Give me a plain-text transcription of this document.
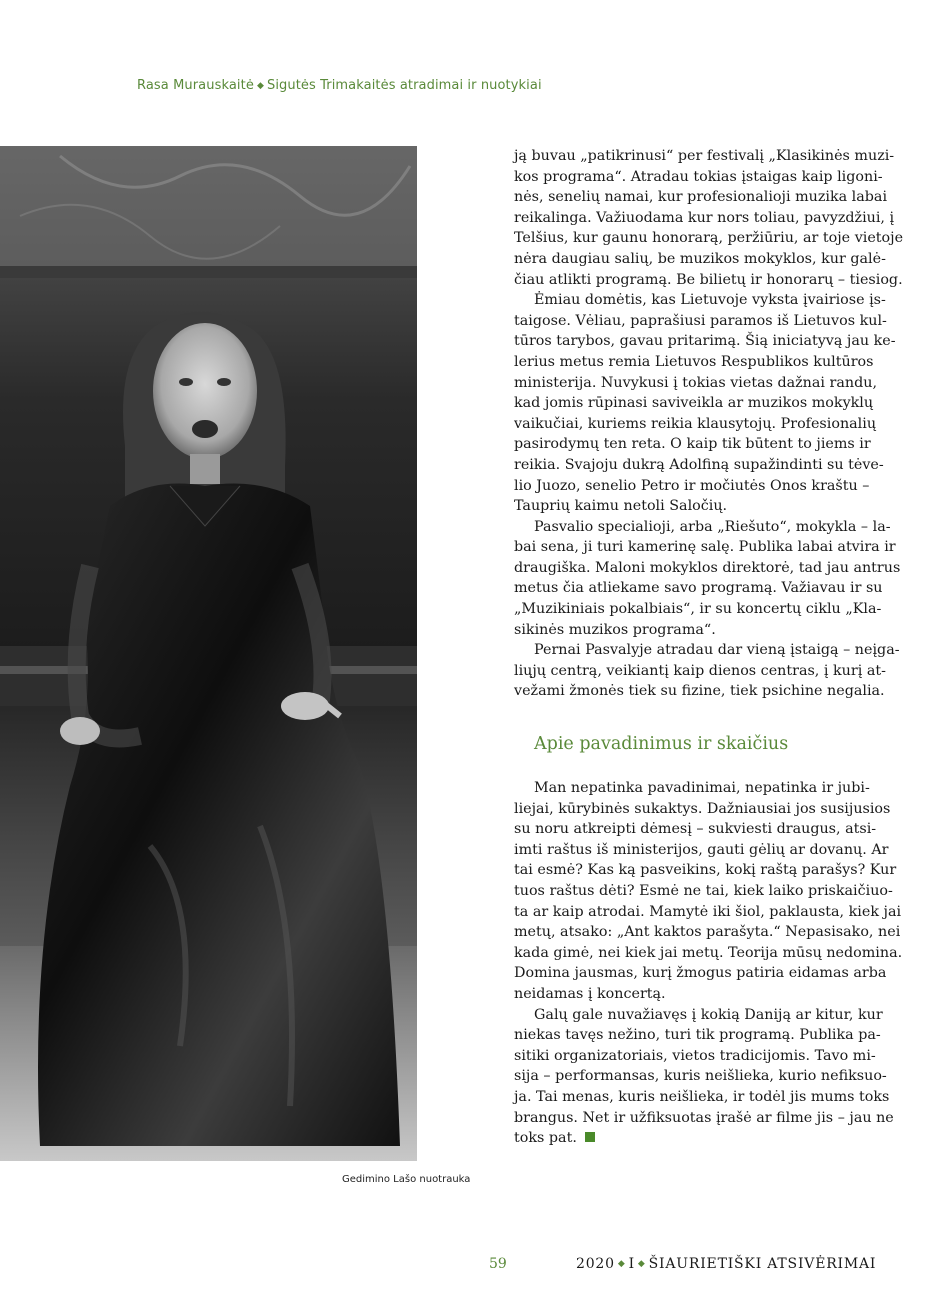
Rasa Murauskaitė ◆ Sigutės Trimakaitės atradimai ir nuotykiai
Gedimino Lašo nuotrauka
ją buvau „patikrinusi“ per festivalį „Klasikinės muzi-
kos programa“. Atradau tokias įstaigas kaip ligoni-
nės, senelių namai, kur profesionalioji muzika labai
reikalinga. Važiuodama kur nors toliau, pavyzdžiui, į
Telšius, kur gaunu honorarą, peržiūriu, ar toje vietoje
nėra daugiau salių, be muzikos mokyklos, kur galė-
čiau atlikti programą. Be bilietų ir honorarų – tiesiog.
Ėmiau domėtis, kas Lietuvoje vyksta įvairiose įs-
taigose. Vėliau, paprašiusi paramos iš Lietuvos kul-
tūros tarybos, gavau pritarimą. Šią iniciatyvą jau ke-
lerius metus remia Lietuvos Respublikos kultūros
ministerija. Nuvykusi į tokias vietas dažnai randu,
kad jomis rūpinasi saviveikla ar muzikos mokyklų
vaikučiai, kuriems reikia klausytojų. Profesionalių
pasirodymų ten reta. O kaip tik būtent to jiems ir
reikia. Svajoju dukrą Adolfiną supažindinti su tėve-
lio Juozo, senelio Petro ir močiutės Onos kraštu –
Tauprių kaimu netoli Saločių.
Pasvalio specialioji, arba „Riešuto“, mokykla – la-
bai sena, ji turi kamerinę salę. Publika labai atvira ir
draugiška. Maloni mokyklos direktorė, tad jau antrus
metus čia atliekame savo programą. Važiavau ir su
„Muzikiniais pokalbiais“, ir su koncertų ciklu „Kla-
sikinės muzikos programa“.
Pernai Pasvalyje atradau dar vieną įstaigą – neįga-
liųjų centrą, veikiantį kaip dienos centras, į kurį at-
vežami žmonės tiek su fizine, tiek psichine negalia.
Apie pavadinimus ir skaičius
Man nepatinka pavadinimai, nepatinka ir jubi-
liejai, kūrybinės sukaktys. Dažniausiai jos susijusios
su noru atkreipti dėmesį – sukviesti draugus, atsi-
imti raštus iš ministerijos, gauti gėlių ar dovanų. Ar
tai esmė? Kas ką pasveikins, kokį raštą parašys? Kur
tuos raštus dėti? Esmė ne tai, kiek laiko priskaičiuo-
ta ar kaip atrodai. Mamytė iki šiol, paklausta, kiek jai
metų, atsako: „Ant kaktos parašyta.“ Nepasisako, nei
kada gimė, nei kiek jai metų. Teorija mūsų nedomina.
Domina jausmas, kurį žmogus patiria eidamas arba
neidamas į koncertą.
Galų gale nuvažiavęs į kokią Daniją ar kitur, kur
niekas tavęs nežino, turi tik programą. Publika pa-
sitiki organizatoriais, vietos tradicijomis. Tavo mi-
sija – performansas, kuris neišlieka, kurio nefiksuo-
ja. Tai menas, kuris neišlieka, ir todėl jis mums toks
brangus. Net ir užfiksuotas įrašė ar filme jis – jau ne
toks pat.
59	2020 ◆ I ◆ ŠIAURIETIŠKI ATSIVĖRIMAI
